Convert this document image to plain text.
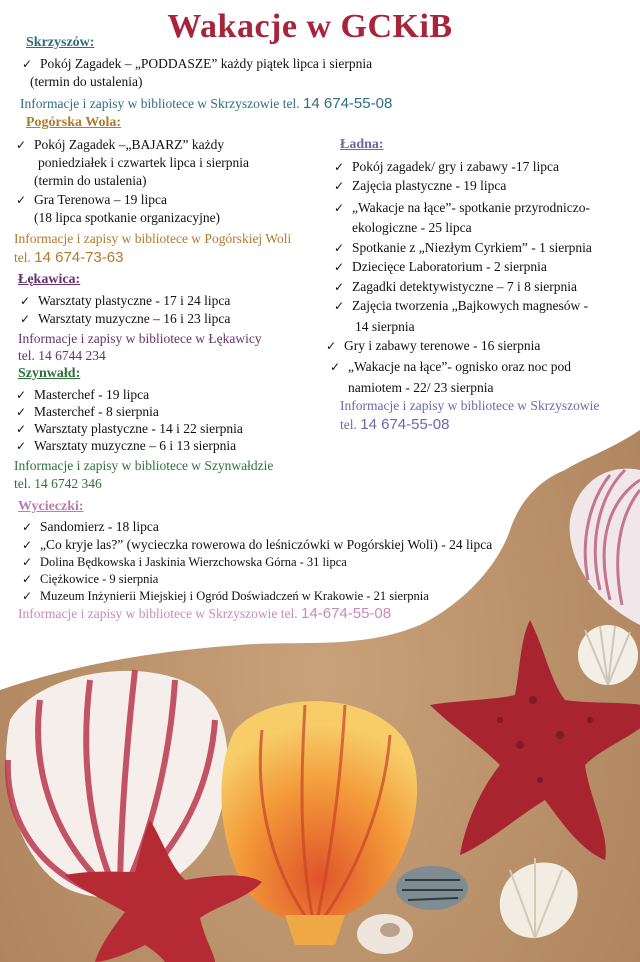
Wakacje w GCKiB
Skrzyszów:
✓ Pokój Zagadek – „PODDASZE” każdy piątek lipca i sierpnia
(termin do ustalenia)
Informacje i zapisy w bibliotece w Skrzyszowie tel. 14 674-55-08
Pogórska Wola:
✓ Pokój Zagadek –„BAJARZ” każdy
poniedziałek i czwartek lipca i sierpnia
(termin do ustalenia)
✓ Gra Terenowa – 19 lipca
(18 lipca spotkanie organizacyjne)
Informacje i zapisy w bibliotece w Pogórskiej Woli
tel. 14 674-73-63
Łękawica:
✓ Warsztaty plastyczne - 17 i 24 lipca
✓ Warsztaty muzyczne – 16 i 23 lipca
Informacje i zapisy w bibliotece w Łękawicy
tel. 14 6744 234
Szynwałd:
✓ Masterchef - 19 lipca
✓ Masterchef - 8 sierpnia
✓ Warsztaty plastyczne - 14 i 22 sierpnia
✓ Warsztaty muzyczne – 6 i 13 sierpnia
Informacje i zapisy w bibliotece w Szynwałdzie
tel. 14 6742 346
Ładna:
✓ Pokój zagadek/ gry i zabawy -17 lipca
✓ Zajęcia plastyczne - 19 lipca
✓ „Wakacje na łące”- spotkanie przyrodniczo-
ekologiczne - 25 lipca
✓ Spotkanie z „Niezłym Cyrkiem” - 1 sierpnia
✓ Dziecięce Laboratorium - 2 sierpnia
✓ Zagadki detektywistyczne – 7 i 8 sierpnia
✓ Zajęcia tworzenia „Bajkowych magnesów -
14 sierpnia
✓ Gry i zabawy terenowe - 16 sierpnia
✓ „Wakacje na łące”- ognisko oraz noc pod
namiotem - 22/ 23 sierpnia
Informacje i zapisy w bibliotece w Skrzyszowie
tel. 14 674-55-08
Wycieczki:
✓ Sandomierz - 18 lipca
✓ „Co kryje las?” (wycieczka rowerowa do leśniczówki w Pogórskiej Woli) - 24 lipca
✓ Dolina Będkowska i Jaskinia Wierzchowska Górna - 31 lipca
✓ Ciężkowice - 9 sierpnia
✓ Muzeum Inżynierii Miejskiej i Ogród Doświadczeń w Krakowie - 21 sierpnia
Informacje i zapisy w bibliotece w Skrzyszowie tel. 14-674-55-08
